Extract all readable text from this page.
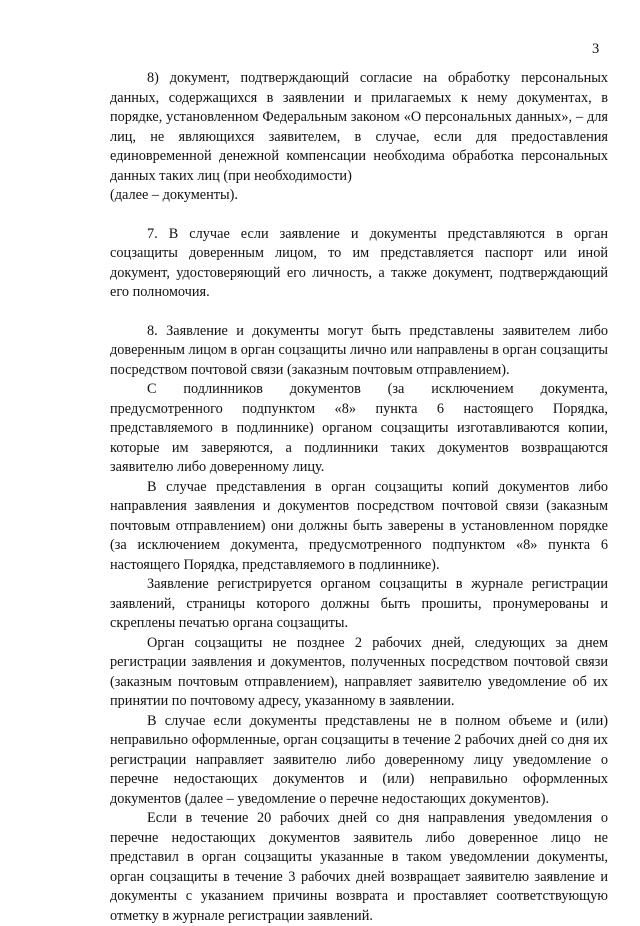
3

8) документ, подтверждающий согласие на обработку персональных данных, содержащихся в заявлении и прилагаемых к нему документах, в порядке, установленном Федеральным законом «О персональных данных», – для лиц, не являющихся заявителем, в случае, если для предоставления единовременной денежной компенсации необходима обработка персональных данных таких лиц (при необходимости)

(далее – документы).

7. В случае если заявление и документы представляются в орган соцзащиты доверенным лицом, то им представляется паспорт или иной документ, удостоверяющий его личность, а также документ, подтверждающий его полномочия.

8. Заявление и документы могут быть представлены заявителем либо доверенным лицом в орган соцзащиты лично или направлены в орган соцзащиты посредством почтовой связи (заказным почтовым отправлением).

С подлинников документов (за исключением документа, предусмотренного подпунктом «8» пункта 6 настоящего Порядка, представляемого в подлиннике) органом соцзащиты изготавливаются копии, которые им заверяются, а подлинники таких документов возвращаются заявителю либо доверенному лицу.

В случае представления в орган соцзащиты копий документов либо направления заявления и документов посредством почтовой связи (заказным почтовым отправлением) они должны быть заверены в установленном порядке (за исключением документа, предусмотренного подпунктом «8» пункта 6 настоящего Порядка, представляемого в подлиннике).

Заявление регистрируется органом соцзащиты в журнале регистрации заявлений, страницы которого должны быть прошиты, пронумерованы и скреплены печатью органа соцзащиты.

Орган соцзащиты не позднее 2 рабочих дней, следующих за днем регистрации заявления и документов, полученных посредством почтовой связи (заказным почтовым отправлением), направляет заявителю уведомление об их принятии по почтовому адресу, указанному в заявлении.

В случае если документы представлены не в полном объеме и (или) неправильно оформленные, орган соцзащиты в течение 2 рабочих дней со дня их регистрации направляет заявителю либо доверенному лицу уведомление о перечне недостающих документов и (или) неправильно оформленных документов (далее – уведомление о перечне недостающих документов).

Если в течение 20 рабочих дней со дня направления уведомления о перечне недостающих документов заявитель либо доверенное лицо не представил в орган соцзащиты указанные в таком уведомлении документы, орган соцзащиты в течение 3 рабочих дней возвращает заявителю заявление и документы с указанием причины возврата и проставляет соответствующую отметку в журнале регистрации заявлений.
